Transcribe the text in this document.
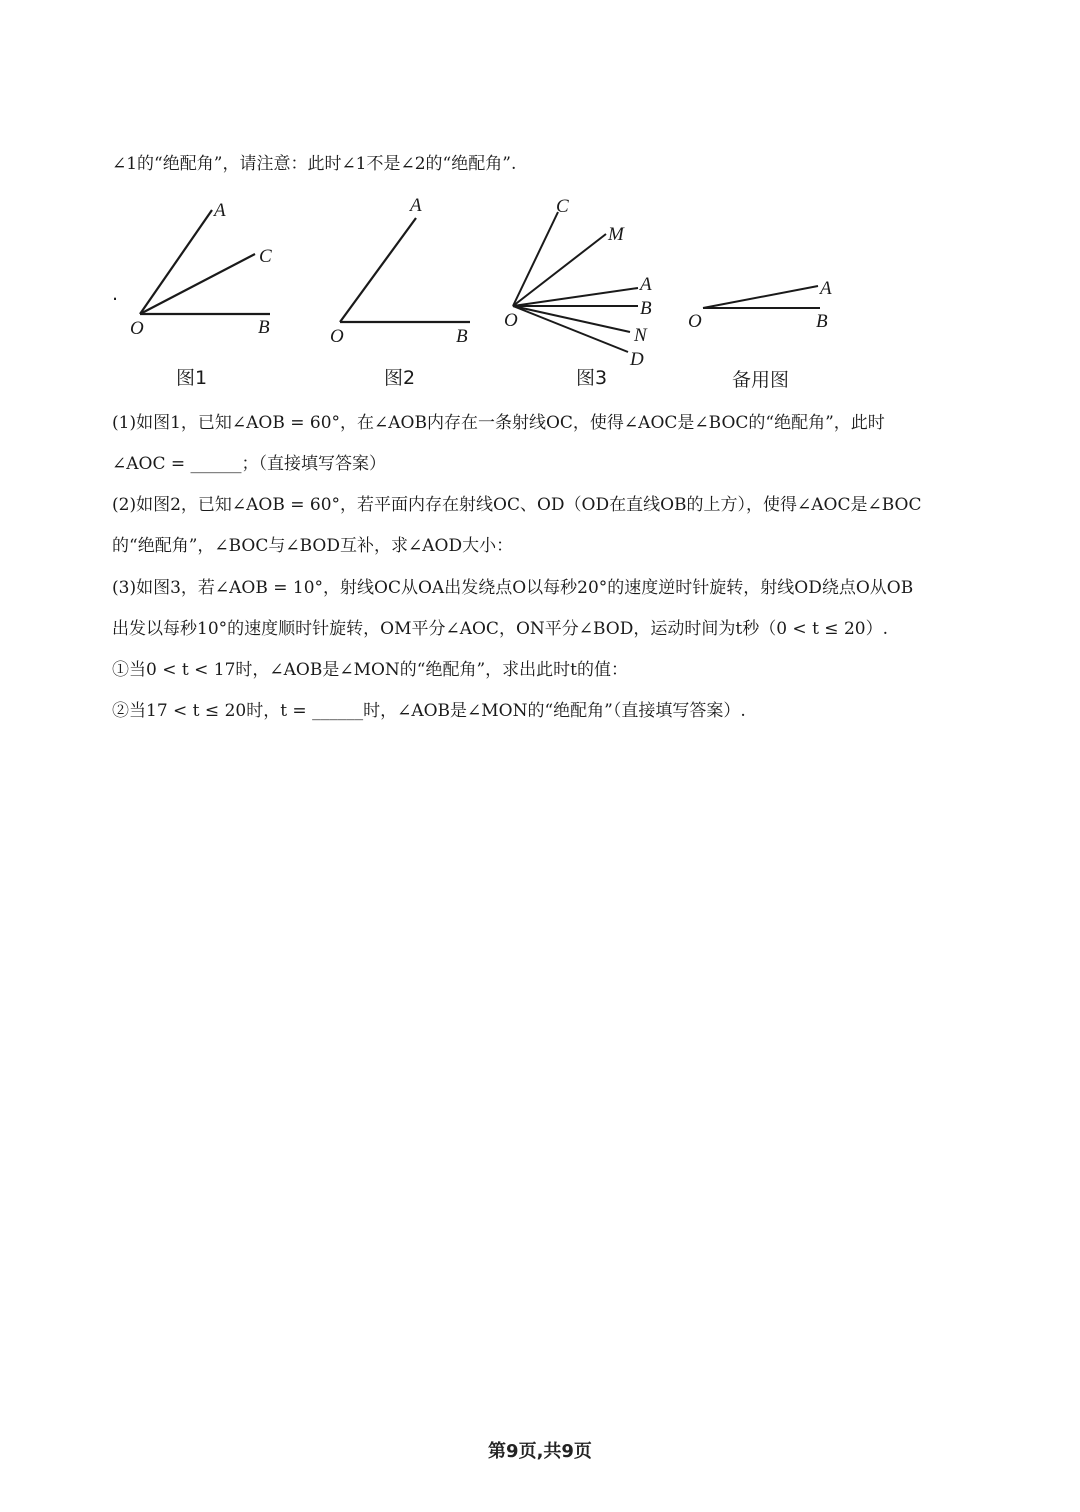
∠1的“绝配角”，请注意：此时∠1不是∠2的“绝配角”.
.
A
C
O	B
图1
A
O	B
图2
C
M
A
B
O
N
D
图3
A
O	B
备用图
(1)如图1，已知∠AOB = 60°，在∠AOB内存在一条射线OC，使得∠AOC是∠BOC的“绝配角”，此时
∠AOC = ______；（直接填写答案）
(2)如图2，已知∠AOB = 60°，若平面内存在射线OC、OD（OD在直线OB的上方），使得∠AOC是∠BOC
的“绝配角”，∠BOC与∠BOD互补，求∠AOD大小：
(3)如图3，若∠AOB = 10°，射线OC从OA出发绕点O以每秒20°的速度逆时针旋转，射线OD绕点O从OB
出发以每秒10°的速度顺时针旋转，OM平分∠AOC，ON平分∠BOD，运动时间为t秒（0 < t ≤ 20）.
①当0 < t < 17时，∠AOB是∠MON的“绝配角”，求出此时t的值：
②当17 < t ≤ 20时，t = ______时，∠AOB是∠MON的“绝配角”（直接填写答案）.
第9页,共9页
